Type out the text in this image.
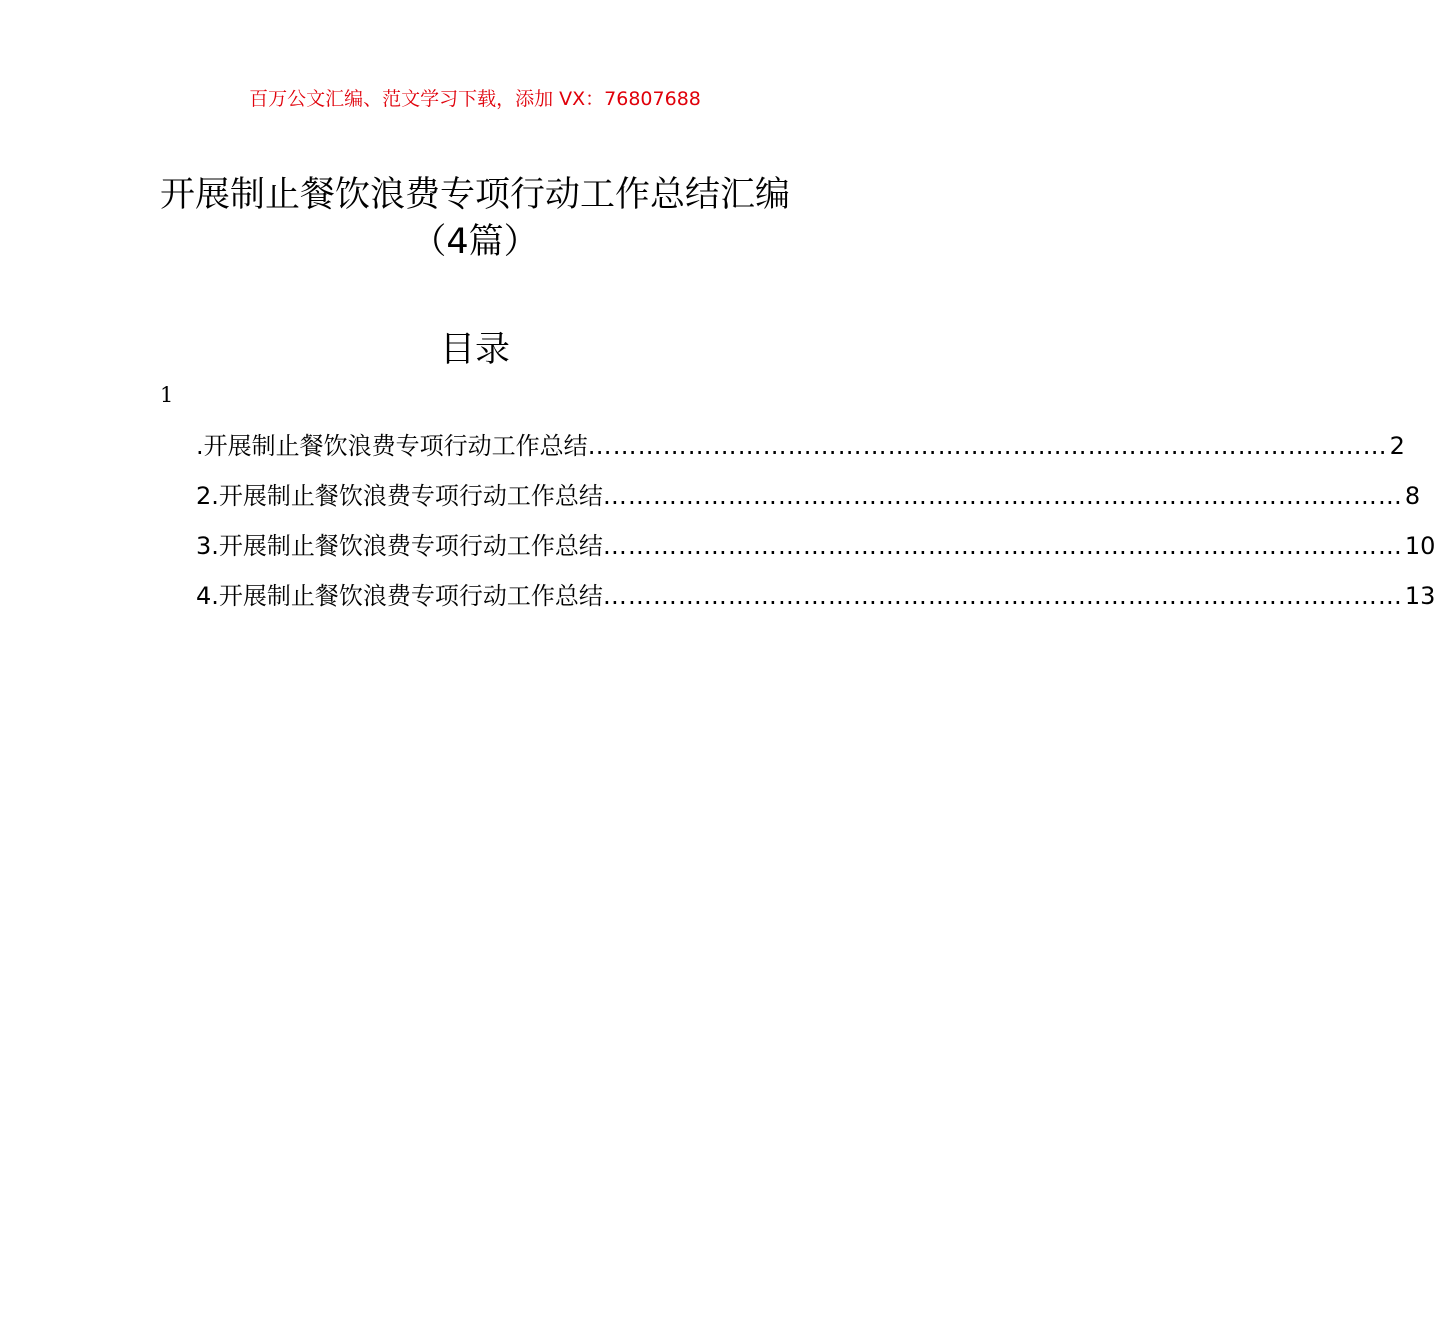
百万公文汇编、范文学习下载，添加 VX：76807688
开展制止餐饮浪费专项行动工作总结汇编
（4篇）
目录
1
.开展制止餐饮浪费专项行动工作总结 …………………………………………………………………………………… 2
2.开展制止餐饮浪费专项行动工作总结 …………………………………………………………………………………… 8
3.开展制止餐饮浪费专项行动工作总结 …………………………………………………………………………………… 10
4.开展制止餐饮浪费专项行动工作总结 …………………………………………………………………………………… 13
